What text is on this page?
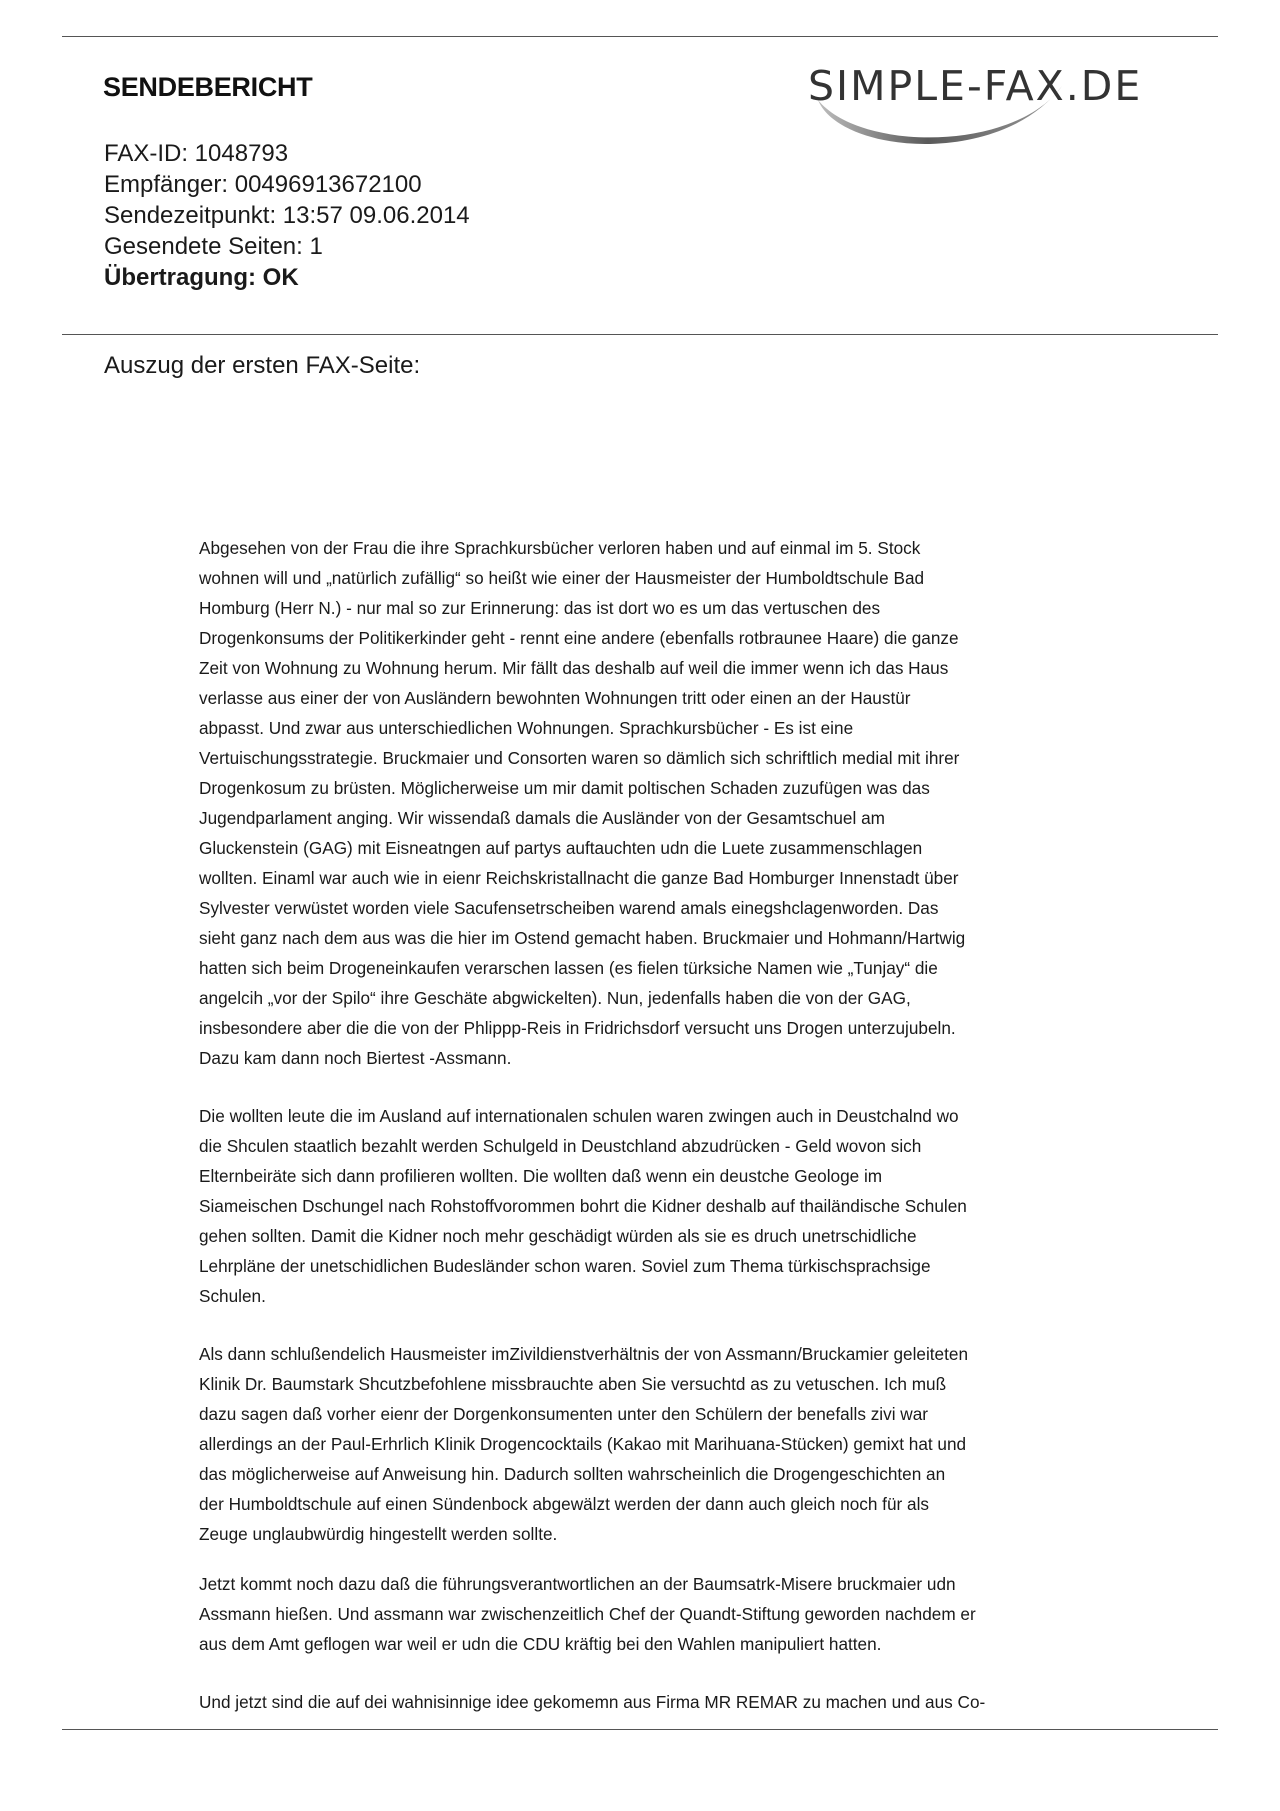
SENDEBERICHT	SIMPLE-FAX.DE
FAX-ID: 1048793
Empfänger: 00496913672100
Sendezeitpunkt: 13:57 09.06.2014
Gesendete Seiten: 1
Übertragung: OK
Auszug der ersten FAX-Seite:
Abgesehen von der Frau die ihre Sprachkursbücher verloren haben und auf einmal im 5. Stock
wohnen will und „natürlich zufällig“ so heißt wie einer der Hausmeister der Humboldtschule Bad
Homburg (Herr N.) - nur mal so zur Erinnerung: das ist dort wo es um das vertuschen des
Drogenkonsums der Politikerkinder geht - rennt eine andere (ebenfalls rotbraunee Haare) die ganze
Zeit von Wohnung zu Wohnung herum. Mir fällt das deshalb auf weil die immer wenn ich das Haus
verlasse aus einer der von Ausländern bewohnten Wohnungen tritt oder einen an der Haustür
abpasst. Und zwar aus unterschiedlichen Wohnungen. Sprachkursbücher - Es ist eine
Vertuischungsstrategie. Bruckmaier und Consorten waren so dämlich sich schriftlich medial mit ihrer
Drogenkosum zu brüsten. Möglicherweise um mir damit poltischen Schaden zuzufügen was das
Jugendparlament anging. Wir wissendaß damals die Ausländer von der Gesamtschuel am
Gluckenstein (GAG) mit Eisneatngen auf partys auftauchten udn die Luete zusammenschlagen
wollten. Einaml war auch wie in eienr Reichskristallnacht die ganze Bad Homburger Innenstadt über
Sylvester verwüstet worden viele Sacufensetrscheiben warend amals einegshclagenworden. Das
sieht ganz nach dem aus was die hier im Ostend gemacht haben. Bruckmaier und Hohmann/Hartwig
hatten sich beim Drogeneinkaufen verarschen lassen (es fielen türksiche Namen wie „Tunjay“ die
angelcih „vor der Spilo“ ihre Geschäte abgwickelten). Nun, jedenfalls haben die von der GAG,
insbesondere aber die die von der Phlippp-Reis in Fridrichsdorf versucht uns Drogen unterzujubeln.
Dazu kam dann noch Biertest -Assmann.
Die wollten leute die im Ausland auf internationalen schulen waren zwingen auch in Deustchalnd wo
die Shculen staatlich bezahlt werden Schulgeld in Deustchland abzudrücken - Geld wovon sich
Elternbeiräte sich dann profilieren wollten. Die wollten daß wenn ein deustche Geologe im
Siameischen Dschungel nach Rohstoffvorommen bohrt die Kidner deshalb auf thailändische Schulen
gehen sollten. Damit die Kidner noch mehr geschädigt würden als sie es druch unetrschidliche
Lehrpläne der unetschidlichen Budesländer schon waren. Soviel zum Thema türkischsprachsige
Schulen.
Als dann schlußendelich Hausmeister imZivildienstverhältnis der von Assmann/Bruckamier geleiteten
Klinik Dr. Baumstark Shcutzbefohlene missbrauchte aben Sie versuchtd as zu vetuschen. Ich muß
dazu sagen daß vorher eienr der Dorgenkonsumenten unter den Schülern der benefalls zivi war
allerdings an der Paul-Erhrlich Klinik Drogencocktails (Kakao mit Marihuana-Stücken) gemixt hat und
das möglicherweise auf Anweisung hin. Dadurch sollten wahrscheinlich die Drogengeschichten an
der Humboldtschule auf einen Sündenbock abgewälzt werden der dann auch gleich noch für als
Zeuge unglaubwürdig hingestellt werden sollte.
Jetzt kommt noch dazu daß die führungsverantwortlichen an der Baumsatrk-Misere bruckmaier udn
Assmann hießen. Und assmann war zwischenzeitlich Chef der Quandt-Stiftung geworden nachdem er
aus dem Amt geflogen war weil er udn die CDU kräftig bei den Wahlen manipuliert hatten.
Und jetzt sind die auf dei wahnisinnige idee gekomemn aus Firma MR REMAR zu machen und aus Co-
